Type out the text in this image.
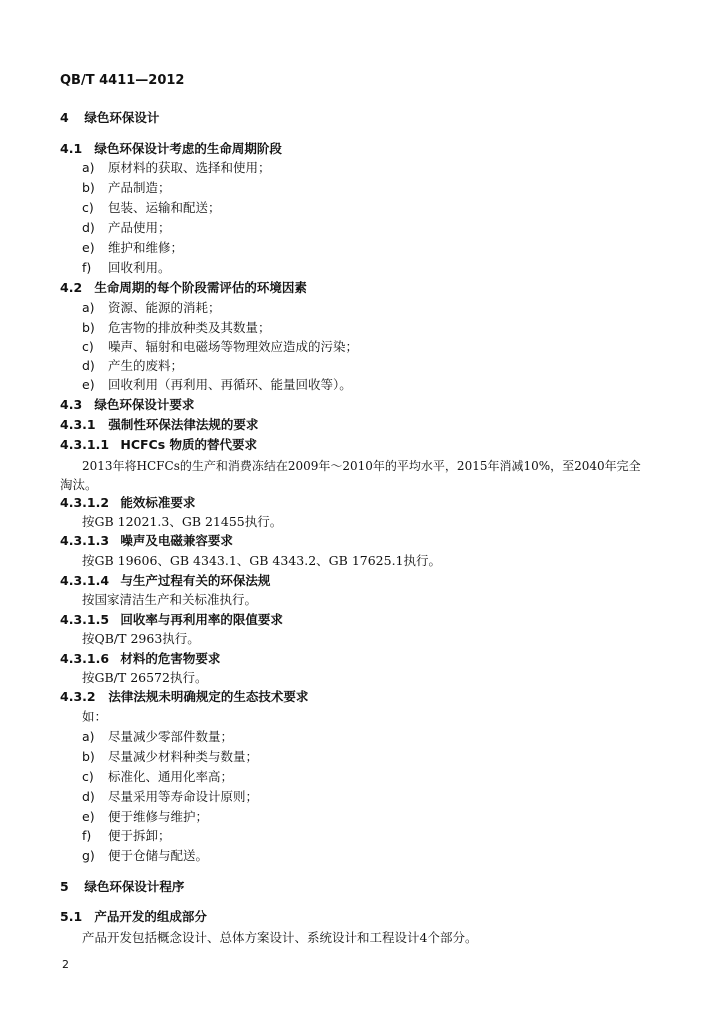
QB/T 4411—2012
4 绿色环保设计
4.1 绿色环保设计考虑的生命周期阶段
a) 原材料的获取、选择和使用；
b) 产品制造；
c) 包装、运输和配送；
d) 产品使用；
e) 维护和维修；
f) 回收利用。
4.2 生命周期的每个阶段需评估的环境因素
a) 资源、能源的消耗；
b) 危害物的排放种类及其数量；
c) 噪声、辐射和电磁场等物理效应造成的污染；
d) 产生的废料；
e) 回收利用（再利用、再循环、能量回收等）。
4.3 绿色环保设计要求
4.3.1 强制性环保法律法规的要求
4.3.1.1 HCFCs 物质的替代要求
2013年将HCFCs的生产和消费冻结在2009年～2010年的平均水平，2015年消减10%，至2040年完全
淘汰。
4.3.1.2 能效标准要求
按GB 12021.3、GB 21455执行。
4.3.1.3 噪声及电磁兼容要求
按GB 19606、GB 4343.1、GB 4343.2、GB 17625.1执行。
4.3.1.4 与生产过程有关的环保法规
按国家清洁生产和关标准执行。
4.3.1.5 回收率与再利用率的限值要求
按QB/T 2963执行。
4.3.1.6 材料的危害物要求
按GB/T 26572执行。
4.3.2 法律法规未明确规定的生态技术要求
如：
a) 尽量减少零部件数量；
b) 尽量减少材料种类与数量；
c) 标准化、通用化率高；
d) 尽量采用等寿命设计原则；
e) 便于维修与维护；
f) 便于拆卸；
g) 便于仓储与配送。
5 绿色环保设计程序
5.1 产品开发的组成部分
产品开发包括概念设计、总体方案设计、系统设计和工程设计4个部分。
2
